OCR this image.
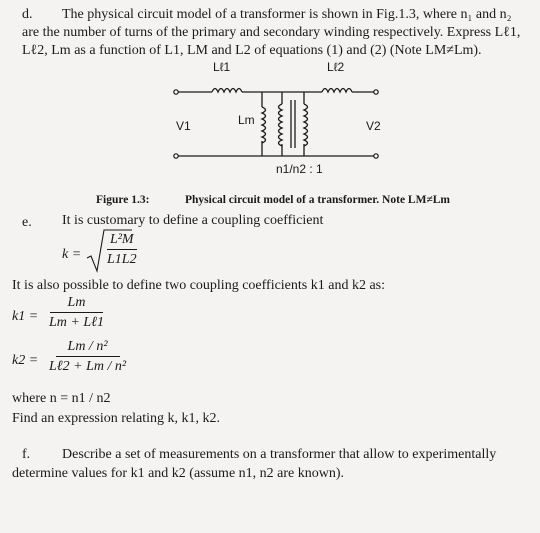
d. The physical circuit model of a transformer is shown in Fig.1.3, where n₁ and n₂
are the number of turns of the primary and secondary winding respectively. Express Lℓ1,
Lℓ2, Lm as a function of L1, LM and L2 of equations (1) and (2) (Note LM≠Lm).
Lℓ1	Lℓ2
V1	V2
Lm
n1/n2 : 1
Figure 1.3:	Physical circuit model of a transformer. Note LM≠Lm
e. It is customary to define a coupling coefficient
$k = \frac{\text{L²M}}{L1L2}$
It is also possible to define two coupling coefficients k1 and k2 as:
$k1 = \frac{Lm}{\text{Lm + Lℓ1}}$
$k2 = \frac{\text{Lm / n²}}{\text{Lℓ2 + Lm / n²}}$
where n = n1 / n2
Find an expression relating k, k1, k2.
f. Describe a set of measurements on a transformer that allow to experimentally
determine values for k1 and k2 (assume n1, n2 are known).
